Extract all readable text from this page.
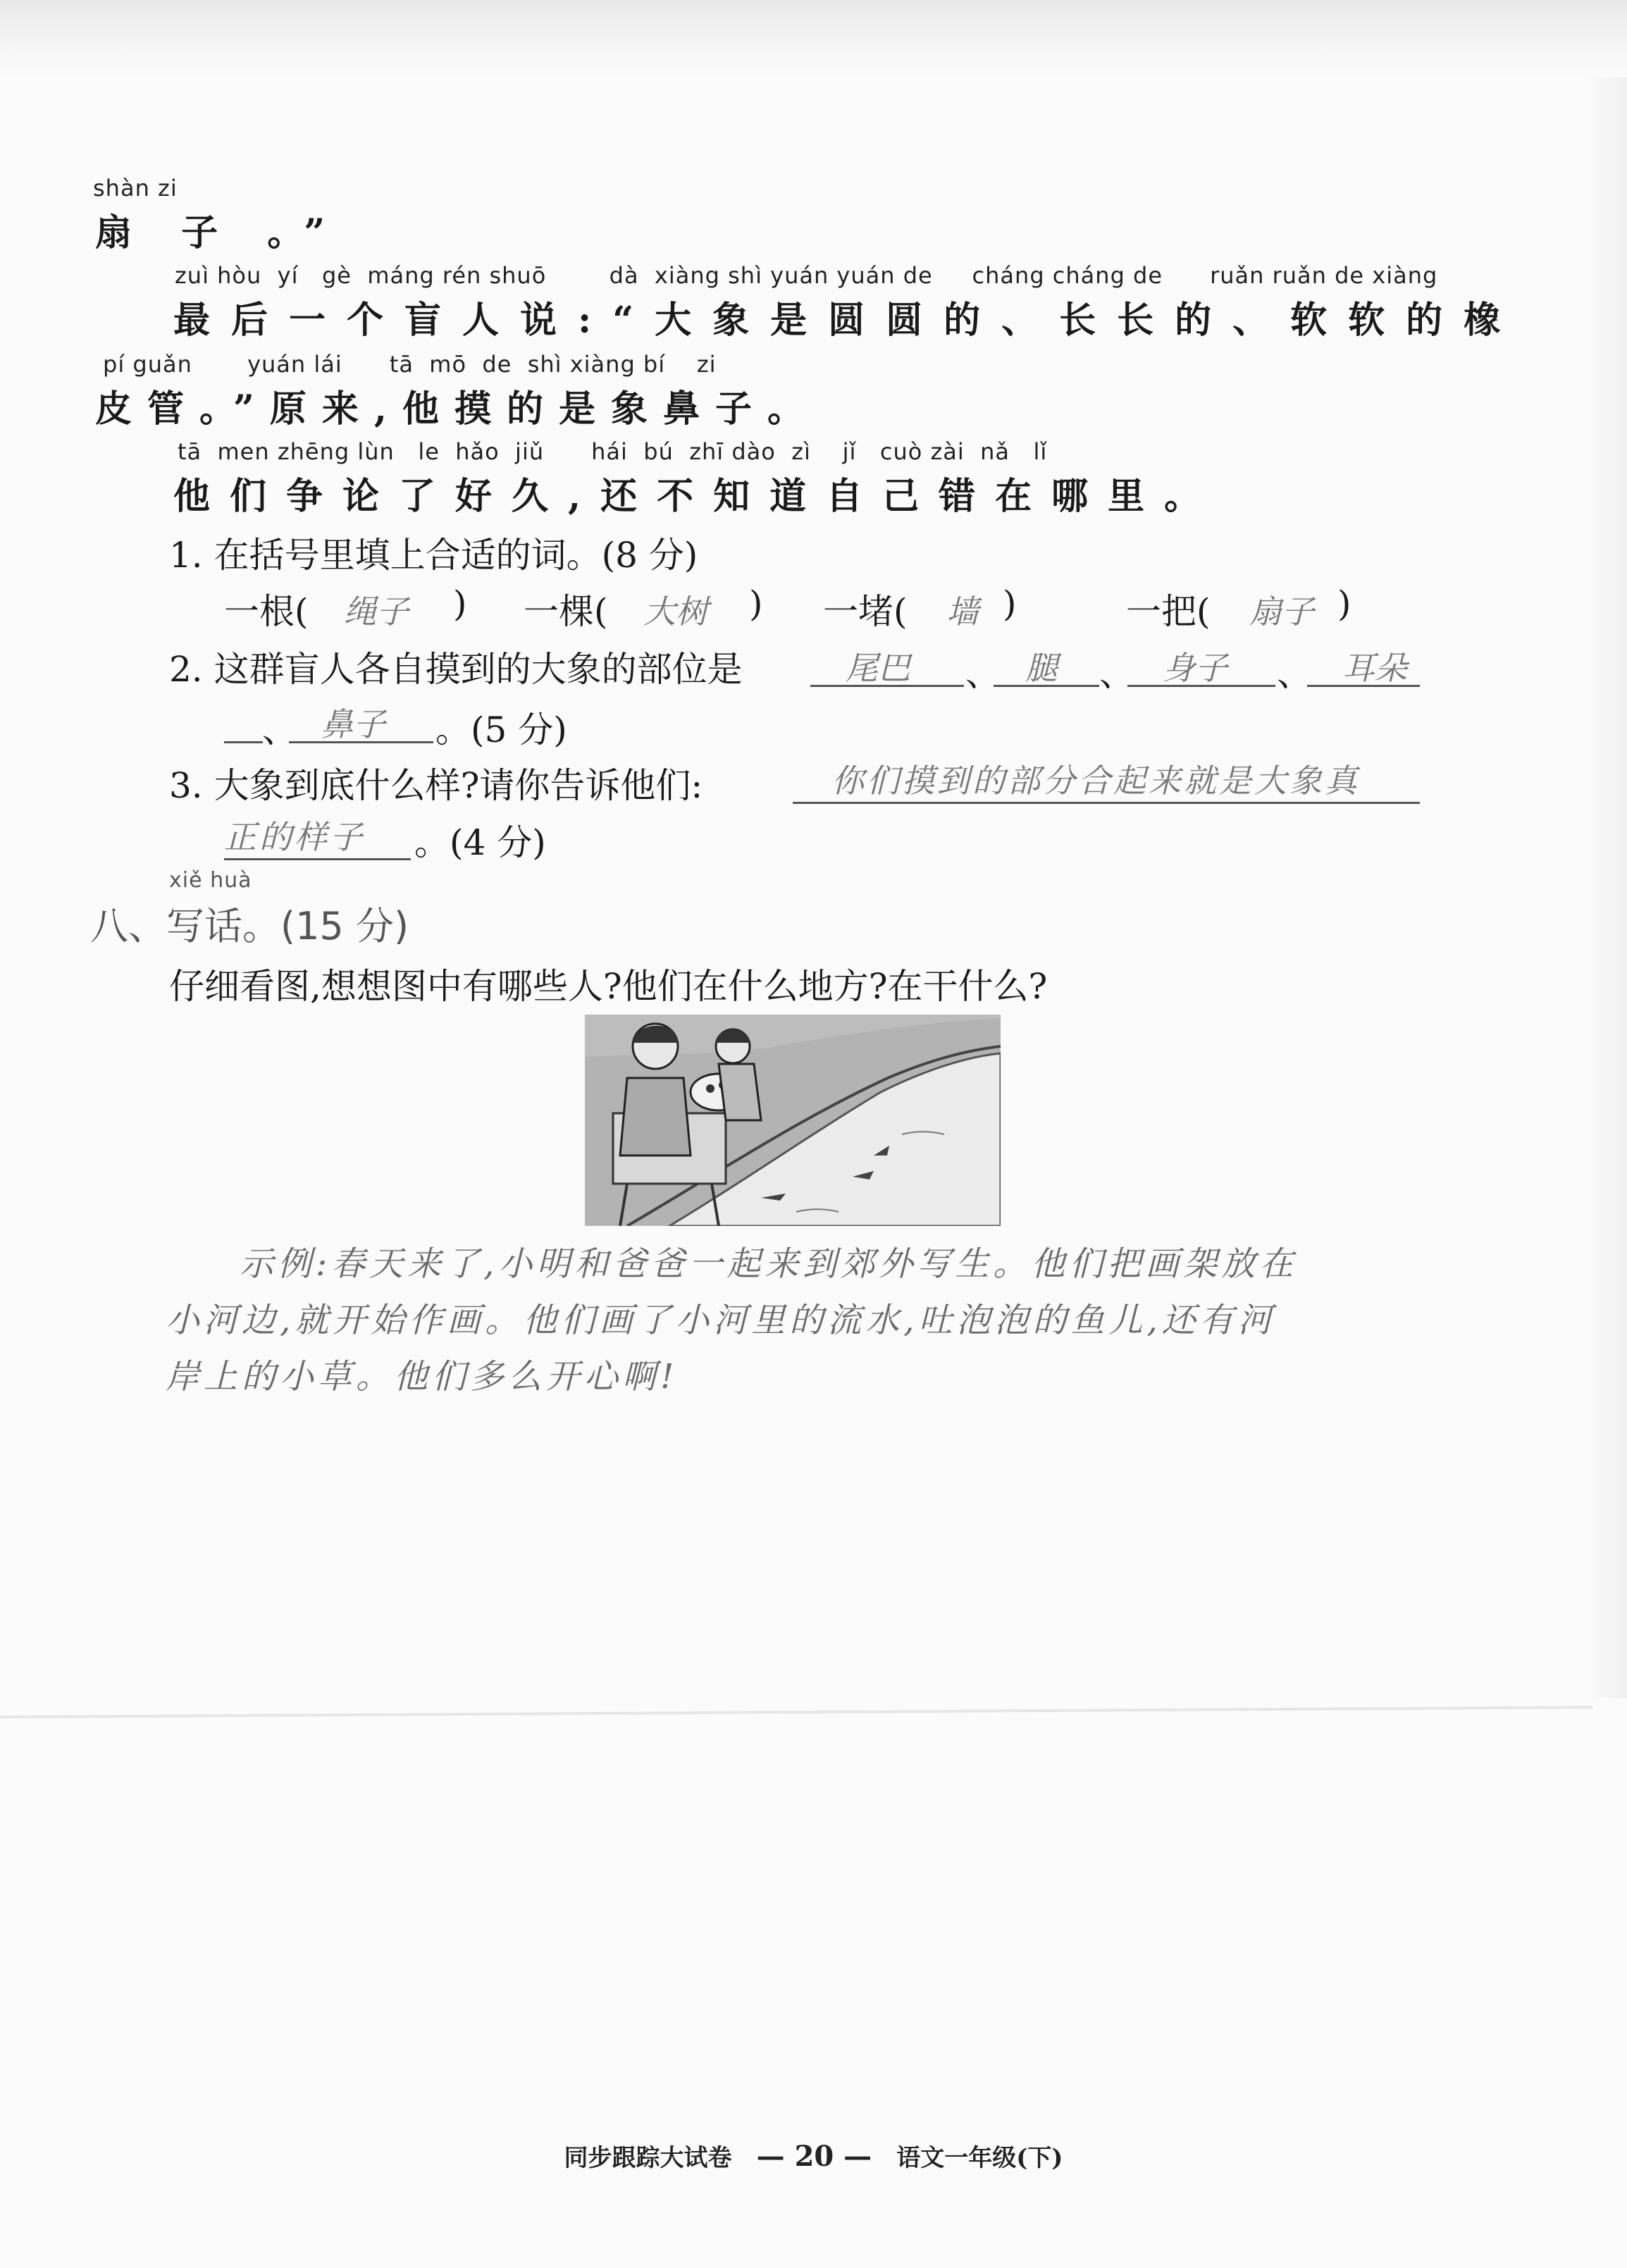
shàn zi
扇 子 。”
zuì hòu  yí   gè  máng rén shuō        dà  xiàng shì yuán yuán de     cháng cháng de      ruǎn ruǎn de xiàng
最后一个盲人说:“大象是圆圆的、长长的、软软的橡
pí guǎn       yuán lái      tā  mō  de  shì xiàng bí    zi
皮管。”原来,他摸的是象鼻子。
tā  men zhēng lùn   le  hǎo  jiǔ      hái  bú  zhī dào  zì    jǐ   cuò zài  nǎ   lǐ
他们争论了好久,还不知道自己错在哪里。
1. 在括号里填上合适的词。(8 分)
一根( 绳子 ) 一棵( 大树 ) 一堵( 墙 )	一把( 扇子 )
2. 这群盲人各自摸到的大象的部位是	尾巴 、 腿 、 身子 、 耳朵
、 鼻子 。(5 分)
3. 大象到底什么样?请你告诉他们:	你们摸到的部分合起来就是大象真
正的样子 。(4 分)
xiě huà
八、写话。(15 分)
仔细看图,想想图中有哪些人?他们在什么地方?在干什么?
示例:春天来了,小明和爸爸一起来到郊外写生。他们把画架放在
小河边,就开始作画。他们画了小河里的流水,吐泡泡的鱼儿,还有河
岸上的小草。他们多么开心啊!
同步跟踪大试卷 — 20 — 语文一年级(下)
